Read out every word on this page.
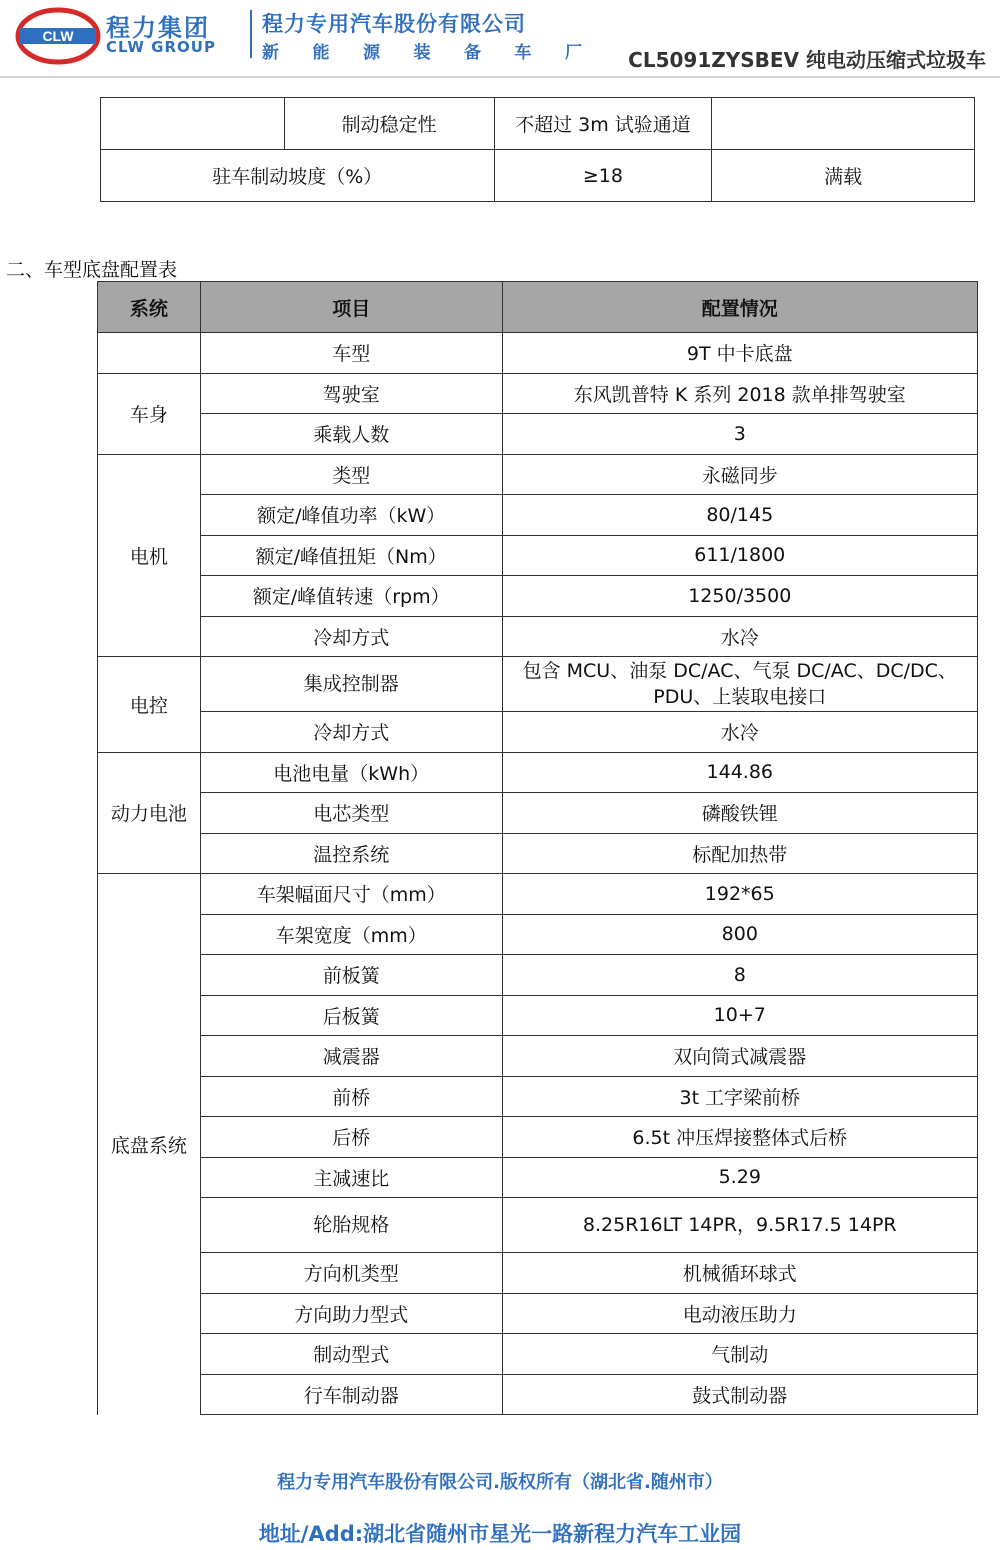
CLW 程力集团
CLW GROUP
程力专用汽车股份有限公司
新 能 源 装 备 车 厂 CL5091ZYSBEV 纯电动压缩式垃圾车
	制动稳定性	不超过 3m 试验通道	
驻车制动坡度（%）		≥18	满载
二、车型底盘配置表
系统	项目	配置情况
	车型	9T 中卡底盘
车身	驾驶室	东风凯普特 K 系列 2018 款单排驾驶室
	乘载人数	3
电机	类型	永磁同步
	额定/峰值功率（kW）	80/145
	额定/峰值扭矩（Nm）	611/1800
	额定/峰值转速（rpm）	1250/3500
	冷却方式	水冷
电控	集成控制器	包含 MCU、油泵 DC/AC、气泵 DC/AC、DC/DC、PDU、上装取电接口
	冷却方式	水冷
动力电池	电池电量（kWh）	144.86
	电芯类型	磷酸铁锂
	温控系统	标配加热带
底盘系统	车架幅面尺寸（mm）	192*65
	车架宽度（mm）	800
	前板簧	8
	后板簧	10+7
	减震器	双向筒式减震器
	前桥	3t 工字梁前桥
	后桥	6.5t 冲压焊接整体式后桥
	主减速比	5.29
	轮胎规格	8.25R16LT 14PR，9.5R17.5 14PR
	方向机类型	机械循环球式
	方向助力型式	电动液压助力
	制动型式	气制动
	行车制动器	鼓式制动器
程力专用汽车股份有限公司.版权所有（湖北省.随州市）
地址/Add:湖北省随州市星光一路新程力汽车工业园
